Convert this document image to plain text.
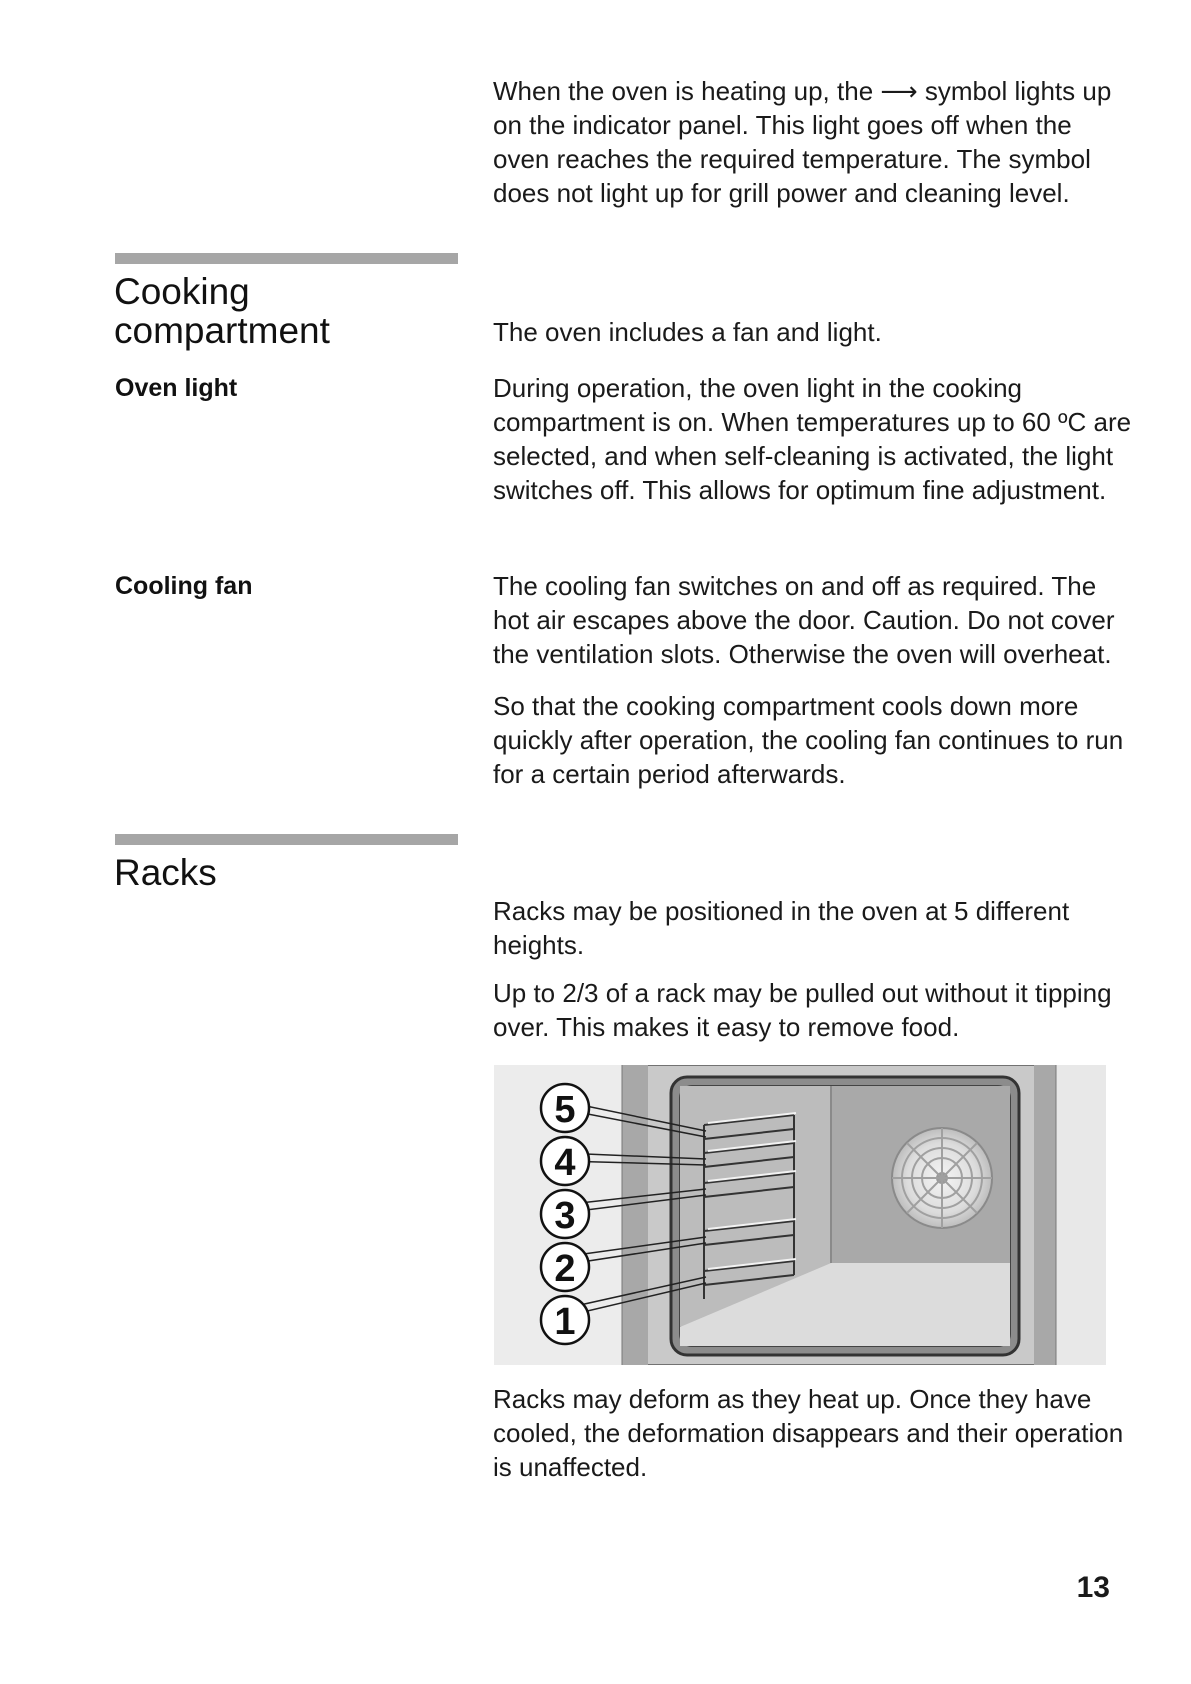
When the oven is heating up, the ⟶ symbol lights up on the indicator panel. This light goes off when the oven reaches the required temperature. The symbol does not light up for grill power and cleaning level.

Cooking compartment	The oven includes a fan and light.

Oven light	During operation, the oven light in the cooking compartment is on. When temperatures up to 60 ºC are selected, and when self-cleaning is activated, the light switches off. This allows for optimum fine adjustment.

Cooling fan	The cooling fan switches on and off as required. The hot air escapes above the door. Caution. Do not cover the ventilation slots. Otherwise the oven will overheat.

So that the cooking compartment cools down more quickly after operation, the cooling fan continues to run for a certain period afterwards.

Racks

Racks may be positioned in the oven at 5 different heights.

Up to 2/3 of a rack may be pulled out without it tipping over. This makes it easy to remove food.

5
4
3
2
1

Racks may deform as they heat up. Once they have cooled, the deformation disappears and their operation is unaffected.

13
